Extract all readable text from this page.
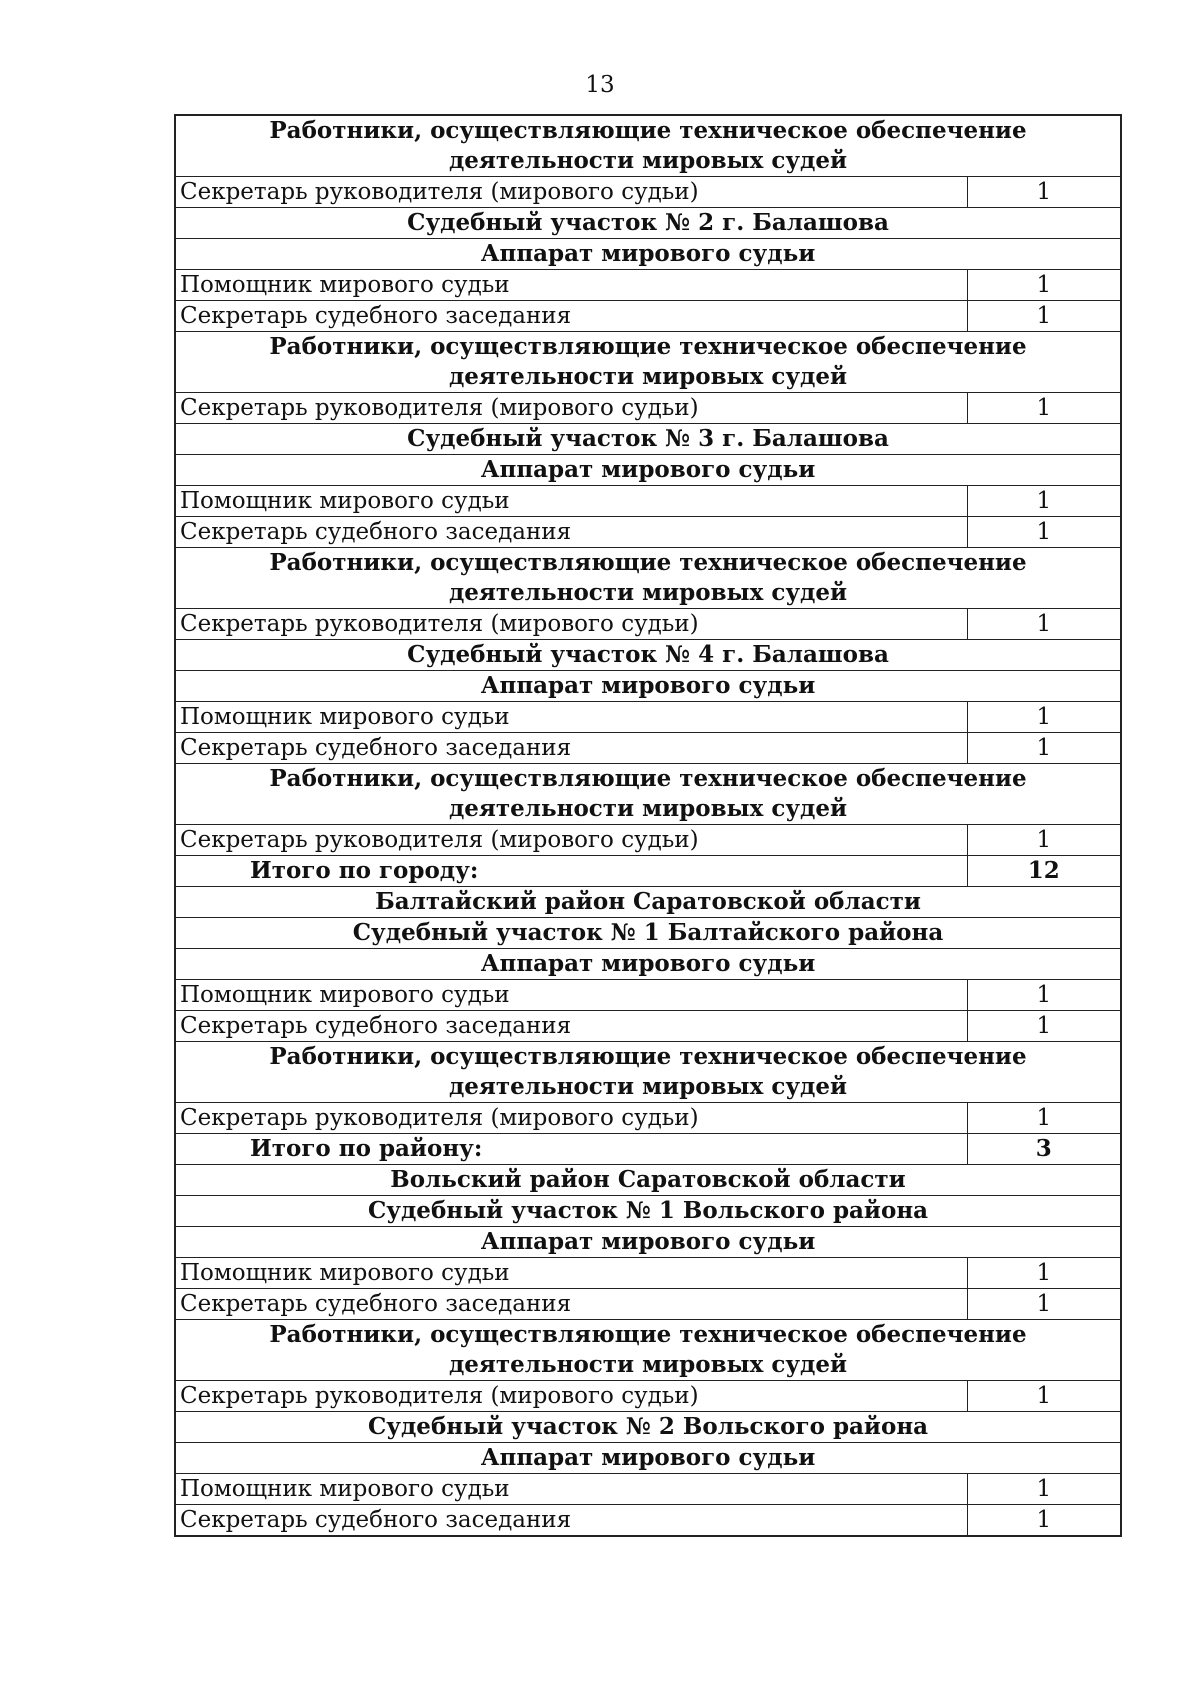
13
Работники, осуществляющие техническое обеспечение деятельности мировых судей	
Секретарь руководителя (мирового судьи)	1
Судебный участок № 2 г. Балашова	
Аппарат мирового судьи	
Помощник мирового судьи	1
Секретарь судебного заседания	1
Работники, осуществляющие техническое обеспечение деятельности мировых судей	
Секретарь руководителя (мирового судьи)	1
Судебный участок № 3 г. Балашова	
Аппарат мирового судьи	
Помощник мирового судьи	1
Секретарь судебного заседания	1
Работники, осуществляющие техническое обеспечение деятельности мировых судей	
Секретарь руководителя (мирового судьи)	1
Судебный участок № 4 г. Балашова	
Аппарат мирового судьи	
Помощник мирового судьи	1
Секретарь судебного заседания	1
Работники, осуществляющие техническое обеспечение деятельности мировых судей	
Секретарь руководителя (мирового судьи)	1
Итого по городу:	12
Балтайский район Саратовской области	
Судебный участок № 1 Балтайского района	
Аппарат мирового судьи	
Помощник мирового судьи	1
Секретарь судебного заседания	1
Работники, осуществляющие техническое обеспечение деятельности мировых судей	
Секретарь руководителя (мирового судьи)	1
Итого по району:	3
Вольский район Саратовской области	
Судебный участок № 1 Вольского района	
Аппарат мирового судьи	
Помощник мирового судьи	1
Секретарь судебного заседания	1
Работники, осуществляющие техническое обеспечение деятельности мировых судей	
Секретарь руководителя (мирового судьи)	1
Судебный участок № 2 Вольского района	
Аппарат мирового судьи	
Помощник мирового судьи	1
Секретарь судебного заседания	1
